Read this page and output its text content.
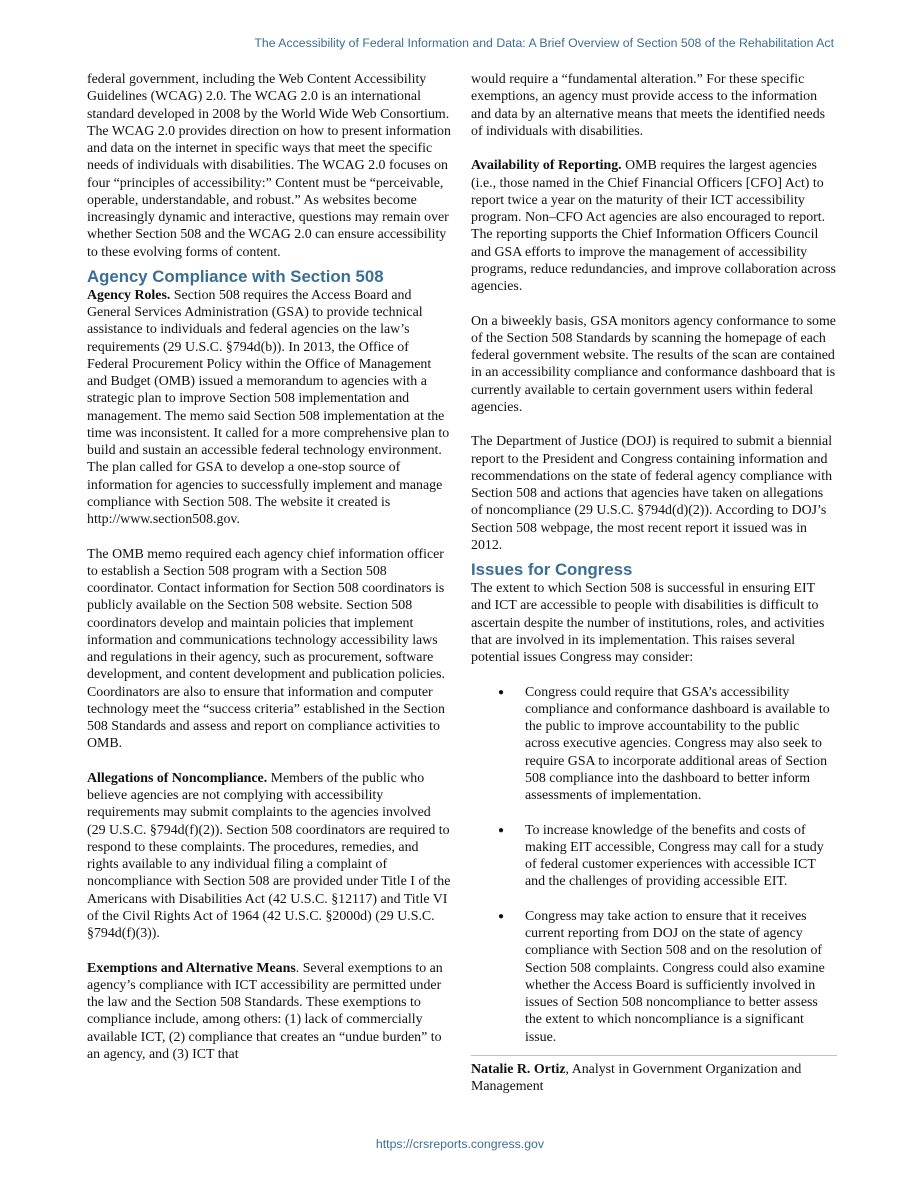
The Accessibility of Federal Information and Data: A Brief Overview of Section 508 of the Rehabilitation Act

federal government, including the Web Content Accessibility Guidelines (WCAG) 2.0. The WCAG 2.0 is an international standard developed in 2008 by the World Wide Web Consortium. The WCAG 2.0 provides direction on how to present information and data on the internet in specific ways that meet the specific needs of individuals with disabilities. The WCAG 2.0 focuses on four “principles of accessibility:” Content must be “perceivable, operable, understandable, and robust.” As websites become increasingly dynamic and interactive, questions may remain over whether Section 508 and the WCAG 2.0 can ensure accessibility to these evolving forms of content.

Agency Compliance with Section 508

Agency Roles. Section 508 requires the Access Board and General Services Administration (GSA) to provide technical assistance to individuals and federal agencies on the law’s requirements (29 U.S.C. §794d(b)). In 2013, the Office of Federal Procurement Policy within the Office of Management and Budget (OMB) issued a memorandum to agencies with a strategic plan to improve Section 508 implementation and management. The memo said Section 508 implementation at the time was inconsistent. It called for a more comprehensive plan to build and sustain an accessible federal technology environment. The plan called for GSA to develop a one-stop source of information for agencies to successfully implement and manage compliance with Section 508. The website it created is http://www.section508.gov.

The OMB memo required each agency chief information officer to establish a Section 508 program with a Section 508 coordinator. Contact information for Section 508 coordinators is publicly available on the Section 508 website. Section 508 coordinators develop and maintain policies that implement information and communications technology accessibility laws and regulations in their agency, such as procurement, software development, and content development and publication policies. Coordinators are also to ensure that information and computer technology meet the “success criteria” established in the Section 508 Standards and assess and report on compliance activities to OMB.

Allegations of Noncompliance. Members of the public who believe agencies are not complying with accessibility requirements may submit complaints to the agencies involved (29 U.S.C. §794d(f)(2)). Section 508 coordinators are required to respond to these complaints. The procedures, remedies, and rights available to any individual filing a complaint of noncompliance with Section 508 are provided under Title I of the Americans with Disabilities Act (42 U.S.C. §12117) and Title VI of the Civil Rights Act of 1964 (42 U.S.C. §2000d) (29 U.S.C. §794d(f)(3)).

Exemptions and Alternative Means. Several exemptions to an agency’s compliance with ICT accessibility are permitted under the law and the Section 508 Standards. These exemptions to compliance include, among others: (1) lack of commercially available ICT, (2) compliance that creates an “undue burden” to an agency, and (3) ICT that

would require a “fundamental alteration.” For these specific exemptions, an agency must provide access to the information and data by an alternative means that meets the identified needs of individuals with disabilities.

Availability of Reporting. OMB requires the largest agencies (i.e., those named in the Chief Financial Officers [CFO] Act) to report twice a year on the maturity of their ICT accessibility program. Non–CFO Act agencies are also encouraged to report. The reporting supports the Chief Information Officers Council and GSA efforts to improve the management of accessibility programs, reduce redundancies, and improve collaboration across agencies.

On a biweekly basis, GSA monitors agency conformance to some of the Section 508 Standards by scanning the homepage of each federal government website. The results of the scan are contained in an accessibility compliance and conformance dashboard that is currently available to certain government users within federal agencies.

The Department of Justice (DOJ) is required to submit a biennial report to the President and Congress containing information and recommendations on the state of federal agency compliance with Section 508 and actions that agencies have taken on allegations of noncompliance (29 U.S.C. §794d(d)(2)). According to DOJ’s Section 508 webpage, the most recent report it issued was in 2012.

Issues for Congress

The extent to which Section 508 is successful in ensuring EIT and ICT are accessible to people with disabilities is difficult to ascertain despite the number of institutions, roles, and activities that are involved in its implementation. This raises several potential issues Congress may consider:

● Congress could require that GSA’s accessibility compliance and conformance dashboard is available to the public to improve accountability to the public across executive agencies. Congress may also seek to require GSA to incorporate additional areas of Section 508 compliance into the dashboard to better inform assessments of implementation.
● To increase knowledge of the benefits and costs of making EIT accessible, Congress may call for a study of federal customer experiences with accessible ICT and the challenges of providing accessible EIT.
● Congress may take action to ensure that it receives current reporting from DOJ on the state of agency compliance with Section 508 and on the resolution of Section 508 complaints. Congress could also examine whether the Access Board is sufficiently involved in issues of Section 508 noncompliance to better assess the extent to which noncompliance is a significant issue.
Natalie R. Ortiz, Analyst in Government Organization and Management
https://crsreports.congress.gov
